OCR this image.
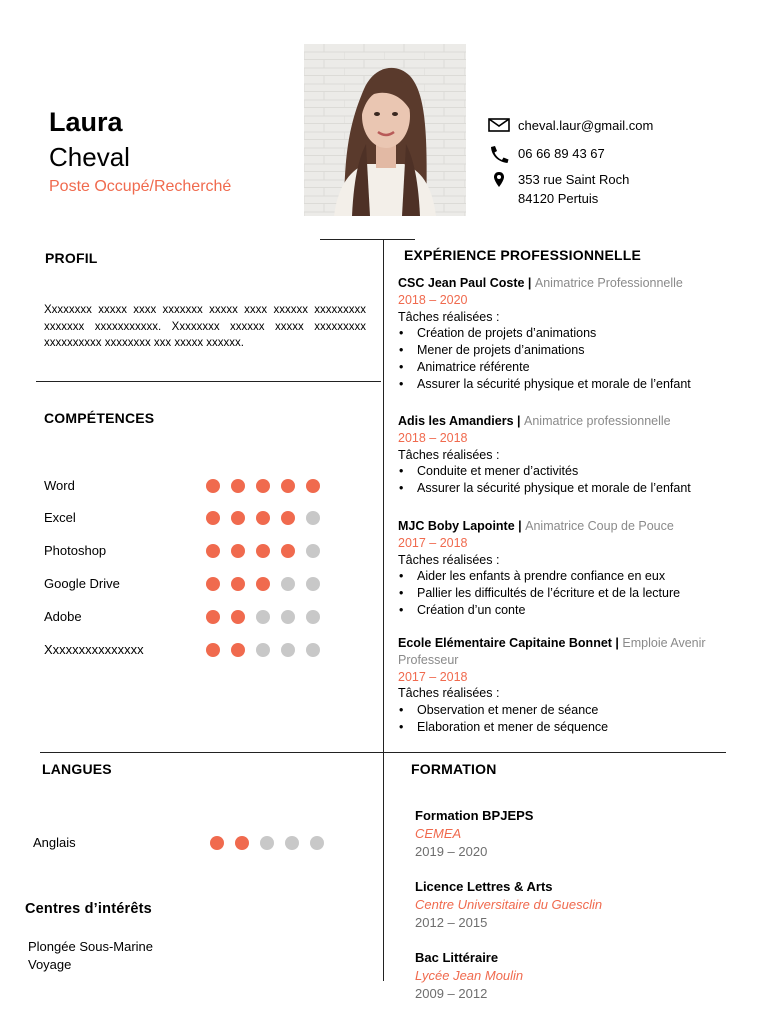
Laura
Cheval
Poste Occupé/Recherché
cheval.laur@gmail.com
06 66 89 43 67
353 rue Saint Roch
84120 Pertuis
PROFIL
Xxxxxxxx xxxxx xxxx xxxxxxx xxxxx xxxx xxxxxx xxxxxxxxx xxxxxxx xxxxxxxxxxx. Xxxxxxxx xxxxxx xxxxx xxxxxxxxx xxxxxxxxxx xxxxxxxx xxx xxxxx xxxxxx.
COMPÉTENCES
Word
Excel
Photoshop
Google Drive
Adobe
Xxxxxxxxxxxxxxx
LANGUES
Anglais
Centres d’intérêts
Plongée Sous-Marine
Voyage
EXPÉRIENCE PROFESSIONNELLE
CSC Jean Paul Coste | Animatrice Professionnelle
2018 – 2020
Tâches réalisées :
• Création de projets d’animations
• Mener de projets d’animations
• Animatrice référente
• Assurer la sécurité physique et morale de l’enfant
Adis les Amandiers | Animatrice professionnelle
2018 – 2018
Tâches réalisées :
• Conduite et mener d’activités
• Assurer la sécurité physique et morale de l’enfant
MJC Boby Lapointe | Animatrice Coup de Pouce
2017 – 2018
Tâches réalisées :
• Aider les enfants à prendre confiance en eux
• Pallier les difficultés de l’écriture et de la lecture
• Création d’un conte
Ecole Elémentaire Capitaine Bonnet | Emploie Avenir Professeur
2017 – 2018
Tâches réalisées :
• Observation et mener de séance
• Elaboration et mener de séquence
FORMATION
Formation BPJEPS
CEMEA
2019 – 2020
Licence Lettres & Arts
Centre Universitaire du Guesclin
2012 – 2015
Bac Littéraire
Lycée Jean Moulin
2009 – 2012
